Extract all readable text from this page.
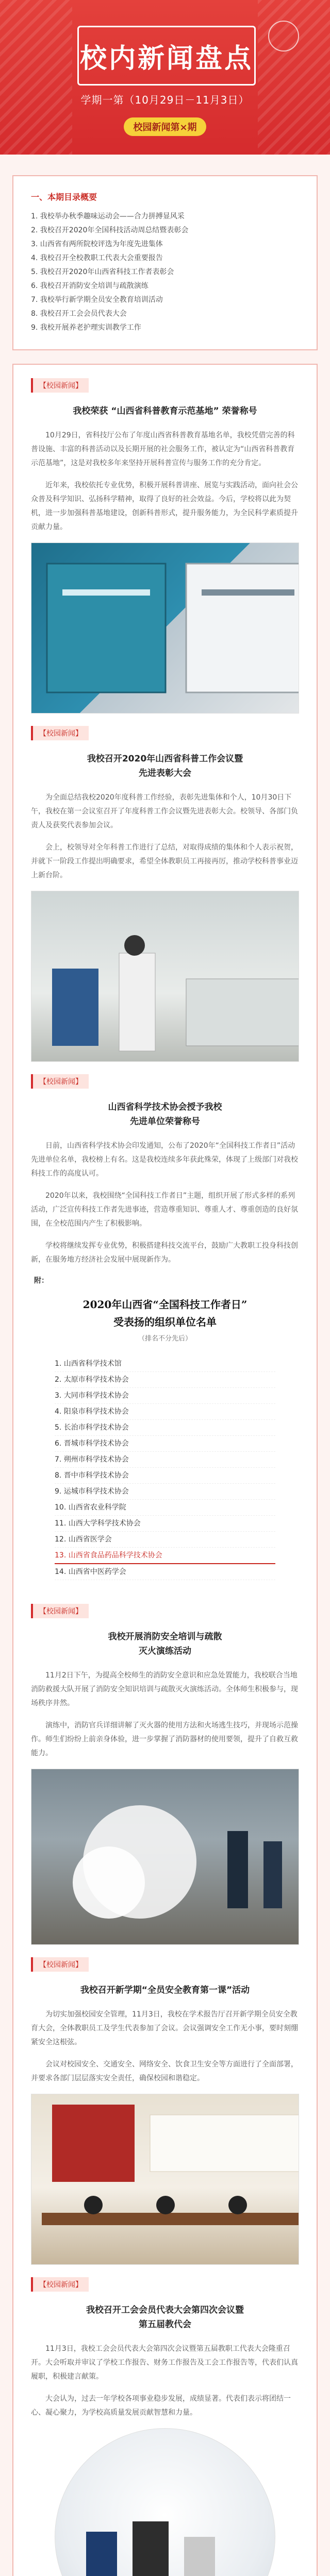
校内新闻盘点
学期一第（10月29日－11月3日）
校园新闻第×期
一、本期目录概要
1. 我校举办秋季趣味运动会——合力拼搏显风采
2. 我校召开2020年全国科技活动周总结暨表彰会
3. 山西省有两所院校评选为年度先进集体
4. 我校召开全校教职工代表大会重要报告
5. 我校召开2020年山西省科技工作者表彰会
6. 我校召开消防安全培训与疏散演练
7. 我校举行新学期全员安全教育培训活动
8. 我校召开工会会员代表大会
9. 我校开展养老护理实训教学工作
【校园新闻】
我校荣获 “山西省科普教育示范基地” 荣誉称号

10月29日，省科技厅公布了年度山西省科普教育基地名单，我校凭借完善的科普设施、丰富的科普活动以及长期开展的社会服务工作，被认定为“山西省科普教育示范基地”，这是对我校多年来坚持开展科普宣传与服务工作的充分肯定。

近年来，我校依托专业优势，积极开展科普讲座、展览与实践活动，面向社会公众普及科学知识、弘扬科学精神，取得了良好的社会效益。今后，学校将以此为契机，进一步加强科普基地建设，创新科普形式，提升服务能力，为全民科学素质提升贡献力量。

【校园新闻】
我校召开2020年山西省科普工作会议暨
先进表彰大会

为全面总结我校2020年度科普工作经验，表彰先进集体和个人，10月30日下午，我校在第一会议室召开了年度科普工作会议暨先进表彰大会。校领导、各部门负责人及获奖代表参加会议。

会上，校领导对全年科普工作进行了总结，对取得成绩的集体和个人表示祝贺，并就下一阶段工作提出明确要求，希望全体教职员工再接再厉，推动学校科普事业迈上新台阶。

【校园新闻】
山西省科学技术协会授予我校
先进单位荣誉称号

日前，山西省科学技术协会印发通知，公布了2020年“全国科技工作者日”活动先进单位名单，我校榜上有名。这是我校连续多年获此殊荣，体现了上级部门对我校科技工作的高度认可。

2020年以来，我校围绕“全国科技工作者日”主题，组织开展了形式多样的系列活动，广泛宣传科技工作者先进事迹，营造尊重知识、尊重人才、尊重创造的良好氛围，在全校范围内产生了积极影响。

学校将继续发挥专业优势，积极搭建科技交流平台，鼓励广大教职工投身科技创新，在服务地方经济社会发展中展现新作为。

附：
2020年山西省“全国科技工作者日”
受表扬的组织单位名单
（排名不分先后）
1. 山西省科学技术馆
2. 太原市科学技术协会
3. 大同市科学技术协会
4. 阳泉市科学技术协会
5. 长治市科学技术协会
6. 晋城市科学技术协会
7. 朔州市科学技术协会
8. 晋中市科学技术协会
9. 运城市科学技术协会
10. 山西省农业科学院
11. 山西大学科学技术协会
12. 山西省医学会
13. 山西省食品药品科学技术协会
14. 山西省中医药学会
【校园新闻】
我校开展消防安全培训与疏散
灭火演练活动

11月2日下午，为提高全校师生的消防安全意识和应急处置能力，我校联合当地消防救援大队开展了消防安全知识培训与疏散灭火演练活动。全体师生积极参与，现场秩序井然。

演练中，消防官兵详细讲解了灭火器的使用方法和火场逃生技巧，并现场示范操作。师生们纷纷上前亲身体验，进一步掌握了消防器材的使用要领，提升了自救互救能力。

【校园新闻】
我校召开新学期“全员安全教育第一课”活动

为切实加强校园安全管理，11月3日，我校在学术报告厅召开新学期全员安全教育大会，全体教职员工及学生代表参加了会议。会议强调安全工作无小事，要时刻绷紧安全这根弦。

会议对校园安全、交通安全、网络安全、饮食卫生安全等方面进行了全面部署，并要求各部门层层落实安全责任，确保校园和谐稳定。

【校园新闻】
我校召开工会会员代表大会第四次会议暨
第五届教代会

11月3日，我校工会会员代表大会第四次会议暨第五届教职工代表大会隆重召开。大会听取并审议了学校工作报告、财务工作报告及工会工作报告等，代表们认真履职，积极建言献策。

大会认为，过去一年学校各项事业稳步发展，成绩显著。代表们表示将团结一心、凝心聚力，为学校高质量发展贡献智慧和力量。
